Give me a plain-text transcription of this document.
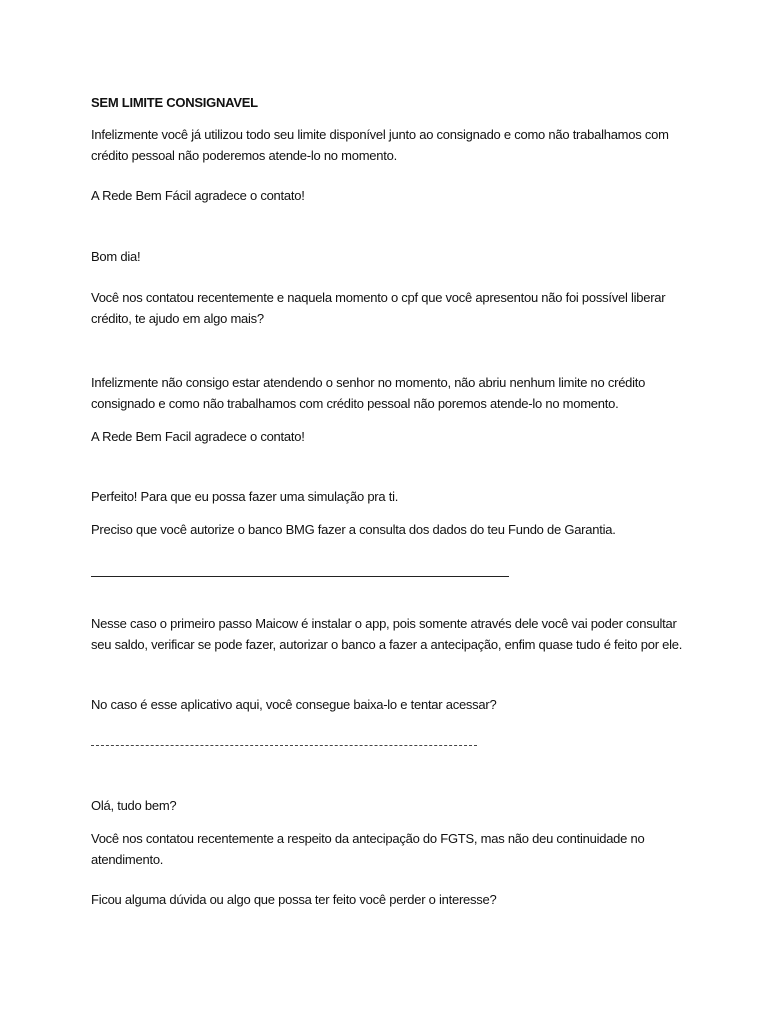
SEM LIMITE CONSIGNAVEL

Infelizmente você já utilizou todo seu limite disponível junto ao consignado e como não trabalhamos com crédito pessoal não poderemos atende-lo no momento.

A Rede Bem Fácil agradece o contato!

Bom dia!

Você nos contatou recentemente e naquela momento o cpf que você apresentou não foi possível liberar crédito, te ajudo em algo mais?

Infelizmente não consigo estar atendendo o senhor no momento, não abriu nenhum limite no crédito consignado e como não trabalhamos com crédito pessoal não poremos atende-lo no momento.

A Rede Bem Facil agradece o contato!

Perfeito! Para que eu possa fazer uma simulação pra ti.

Preciso que você autorize o banco BMG fazer a consulta dos dados do teu Fundo de Garantia.

Nesse caso o primeiro passo Maicow é instalar o app, pois somente através dele você vai poder consultar seu saldo, verificar se pode fazer, autorizar o banco a fazer a antecipação, enfim quase tudo é feito por ele.

No caso é esse aplicativo aqui, você consegue baixa-lo e tentar acessar?

Olá, tudo bem?

Você nos contatou recentemente a respeito da antecipação do FGTS, mas não deu continuidade no atendimento.

Ficou alguma dúvida ou algo que possa ter feito você perder o interesse?
